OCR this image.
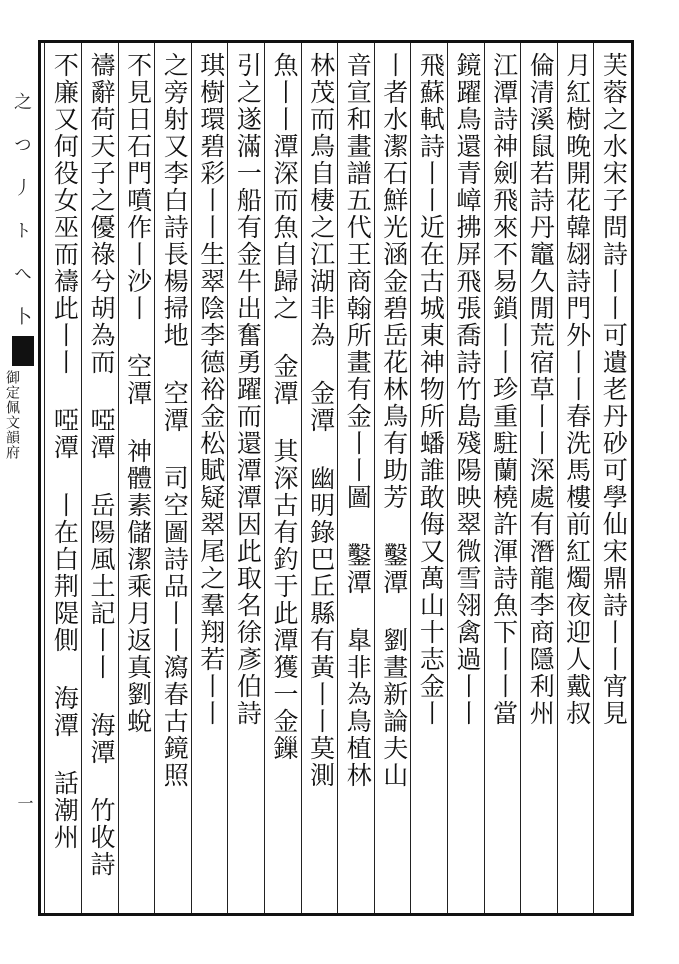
之 つ 丿 ト へ 卜
御定佩文韻府
一
芙蓉之水宋子問詩丨丨可遺老丹砂可學仙宋鼎詩丨丨宵見
月紅樹晚開花韓翃詩門外丨丨春洗馬樓前紅燭夜迎人戴叔
倫清溪鼠若詩丹竈久閒荒宿草丨丨深處有潛龍李商隱利州
江潭詩神劍飛來不易鎖丨丨珍重駐蘭橈許渾詩魚下丨丨當
鏡躍鳥還青嶂拂屏飛張喬詩竹島殘陽映翠微雪翎禽過丨丨
飛蘇軾詩丨丨近在古城東神物所蟠誰敢侮又萬山十志金丨
丨者水潔石鮮光涵金碧岳花林鳥有助芳 鑿潭 劉晝新論夫山
音宣和畫譜五代王商翰所畫有金丨丨圖 鑿潭 臯非為鳥植林
林茂而鳥自棲之江湖非為 金潭 幽明錄巴丘縣有黃丨丨莫測
魚丨丨潭深而魚自歸之 金潭 其深古有釣于此潭獲一金鏁
引之遂滿一船有金牛出奮勇躍而還潭潭因此取名徐彥伯詩
琪樹環碧彩丨丨生翠陰李德裕金松賦疑翠尾之羣翔若丨丨
之旁射又李白詩長楊掃地 空潭 司空圖詩品丨丨瀉春古鏡照
不見日石門噴作丨沙丨 空潭 神體素儲潔乘月返真劉蛻
禱辭荷天子之優祿兮胡為而 啞潭 岳陽風土記丨丨 海潭 竹收詩
不廉又何役女巫而禱此丨丨 啞潭 丨在白荆隄側 海潭 話潮州
